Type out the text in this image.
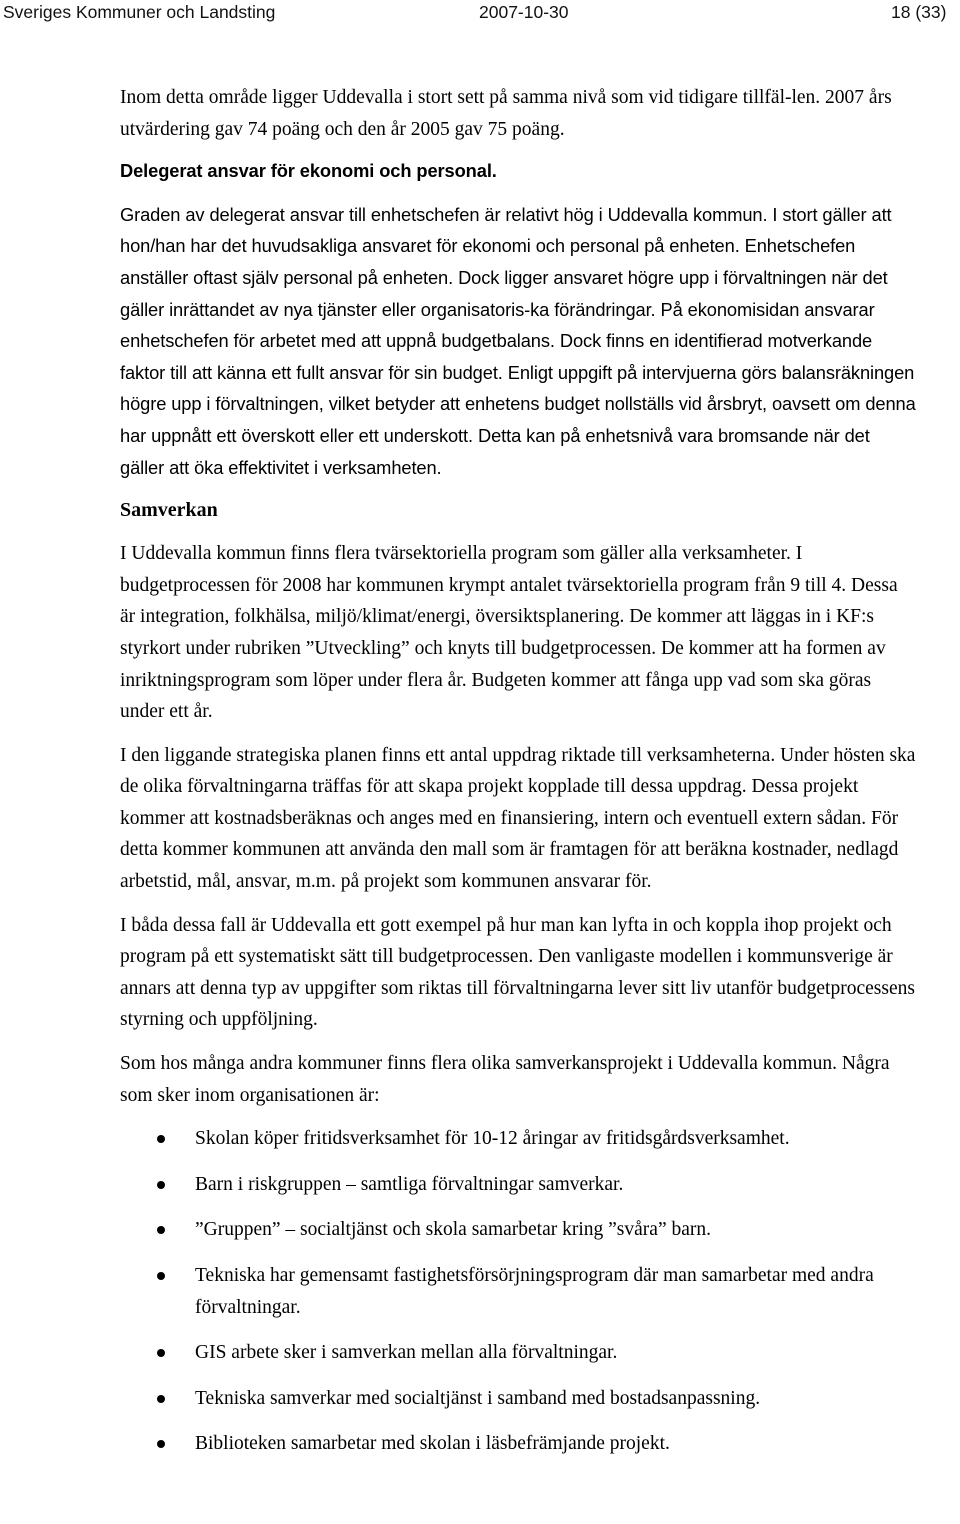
Sveriges Kommuner och Landsting	2007-10-30	18 (33)

Inom detta område ligger Uddevalla i stort sett på samma nivå som vid tidigare tillfäl-len. 2007 års utvärdering gav 74 poäng och den år 2005 gav 75 poäng.

Delegerat ansvar för ekonomi och personal.

Graden av delegerat ansvar till enhetschefen är relativt hög i Uddevalla kommun. I stort gäller att hon/han har det huvudsakliga ansvaret för ekonomi och personal på enheten. Enhetschefen anställer oftast själv personal på enheten. Dock ligger ansvaret högre upp i förvaltningen när det gäller inrättandet av nya tjänster eller organisatoris-ka förändringar. På ekonomisidan ansvarar enhetschefen för arbetet med att uppnå budgetbalans. Dock finns en identifierad motverkande faktor till att känna ett fullt ansvar för sin budget. Enligt uppgift på intervjuerna görs balansräkningen högre upp i förvaltningen, vilket betyder att enhetens budget nollställs vid årsbryt, oavsett om denna har uppnått ett överskott eller ett underskott. Detta kan på enhetsnivå vara bromsande när det gäller att öka effektivitet i verksamheten.

Samverkan

I Uddevalla kommun finns flera tvärsektoriella program som gäller alla verksamheter. I budgetprocessen för 2008 har kommunen krympt antalet tvärsektoriella program från 9 till 4. Dessa är integration, folkhälsa, miljö/klimat/energi, översiktsplanering. De kommer att läggas in i KF:s styrkort under rubriken ”Utveckling” och knyts till budgetprocessen. De kommer att ha formen av inriktningsprogram som löper under flera år. Budgeten kommer att fånga upp vad som ska göras under ett år.

I den liggande strategiska planen finns ett antal uppdrag riktade till verksamheterna. Under hösten ska de olika förvaltningarna träffas för att skapa projekt kopplade till dessa uppdrag. Dessa projekt kommer att kostnadsberäknas och anges med en finansiering, intern och eventuell extern sådan. För detta kommer kommunen att använda den mall som är framtagen för att beräkna kostnader, nedlagd arbetstid, mål, ansvar, m.m. på projekt som kommunen ansvarar för.

I båda dessa fall är Uddevalla ett gott exempel på hur man kan lyfta in och koppla ihop projekt och program på ett systematiskt sätt till budgetprocessen. Den vanligaste modellen i kommunsverige är annars att denna typ av uppgifter som riktas till förvaltningarna lever sitt liv utanför budgetprocessens styrning och uppföljning.

Som hos många andra kommuner finns flera olika samverkansprojekt i Uddevalla kommun. Några som sker inom organisationen är:

Skolan köper fritidsverksamhet för 10-12 åringar av fritidsgårdsverksamhet.
Barn i riskgruppen – samtliga förvaltningar samverkar.
”Gruppen” – socialtjänst och skola samarbetar kring ”svåra” barn.
Tekniska har gemensamt fastighetsförsörjningsprogram där man samarbetar med andra förvaltningar.
GIS arbete sker i samverkan mellan alla förvaltningar.
Tekniska samverkar med socialtjänst i samband med bostadsanpassning.
Biblioteken samarbetar med skolan i läsbefrämjande projekt.
